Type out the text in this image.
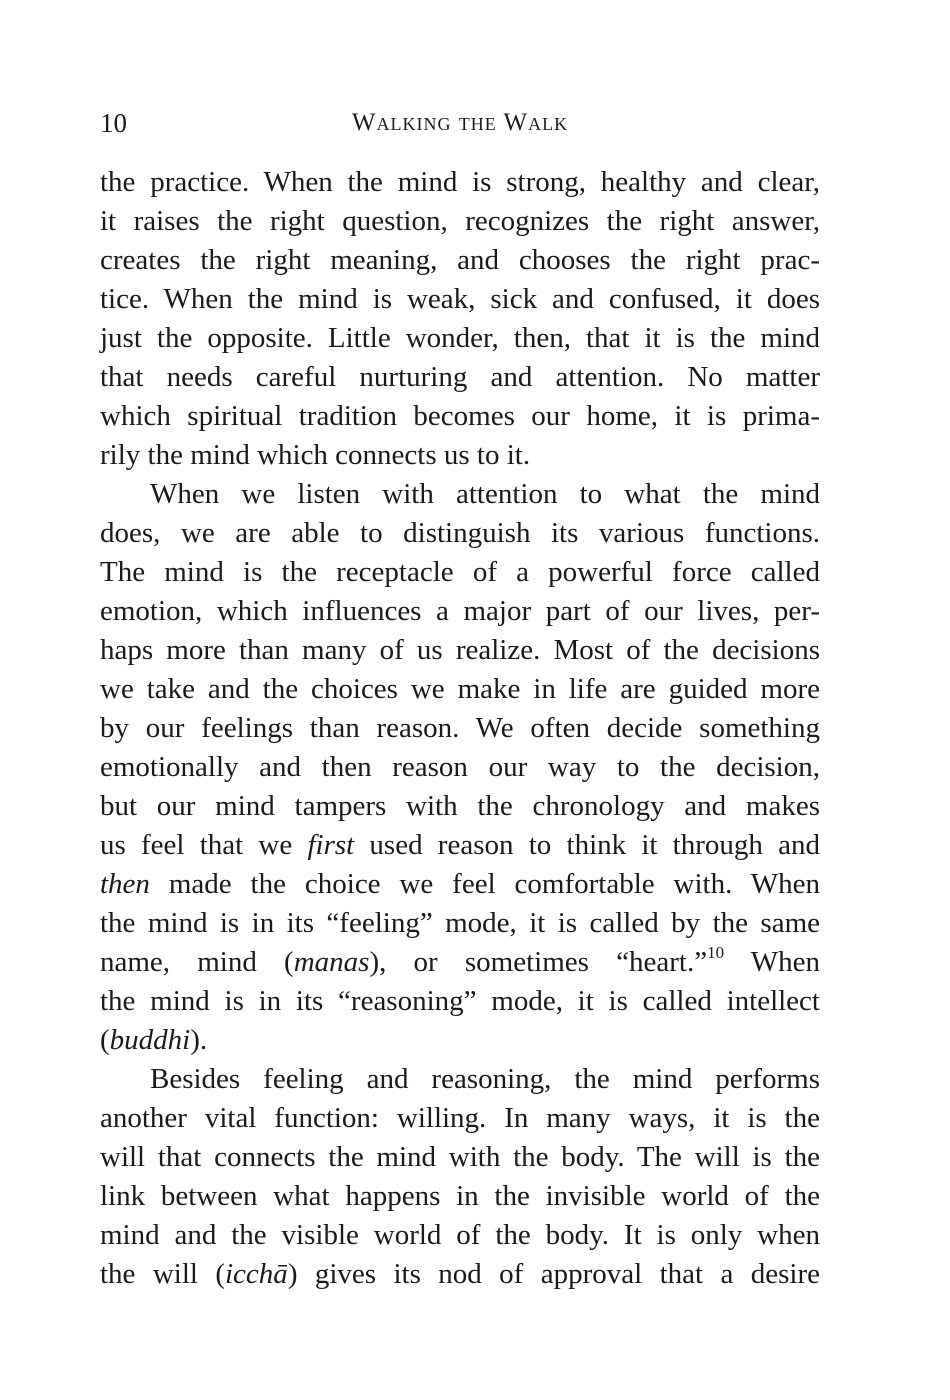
10	Walking the Walk
the practice. When the mind is strong, healthy and clear,
it raises the right question, recognizes the right answer,
creates the right meaning, and chooses the right prac-
tice. When the mind is weak, sick and confused, it does
just the opposite. Little wonder, then, that it is the mind
that needs careful nurturing and attention. No matter
which spiritual tradition becomes our home, it is prima-
rily the mind which connects us to it.
When we listen with attention to what the mind
does, we are able to distinguish its various functions.
The mind is the receptacle of a powerful force called
emotion, which influences a major part of our lives, per-
haps more than many of us realize. Most of the decisions
we take and the choices we make in life are guided more
by our feelings than reason. We often decide something
emotionally and then reason our way to the decision,
but our mind tampers with the chronology and makes
us feel that we first used reason to think it through and
then made the choice we feel comfortable with. When
the mind is in its “feeling” mode, it is called by the same
name, mind (manas), or sometimes “heart.”$^{10}$ When
the mind is in its “reasoning” mode, it is called intellect
(buddhi).
Besides feeling and reasoning, the mind performs
another vital function: willing. In many ways, it is the
will that connects the mind with the body. The will is the
link between what happens in the invisible world of the
mind and the visible world of the body. It is only when
the will (icchā) gives its nod of approval that a desire
